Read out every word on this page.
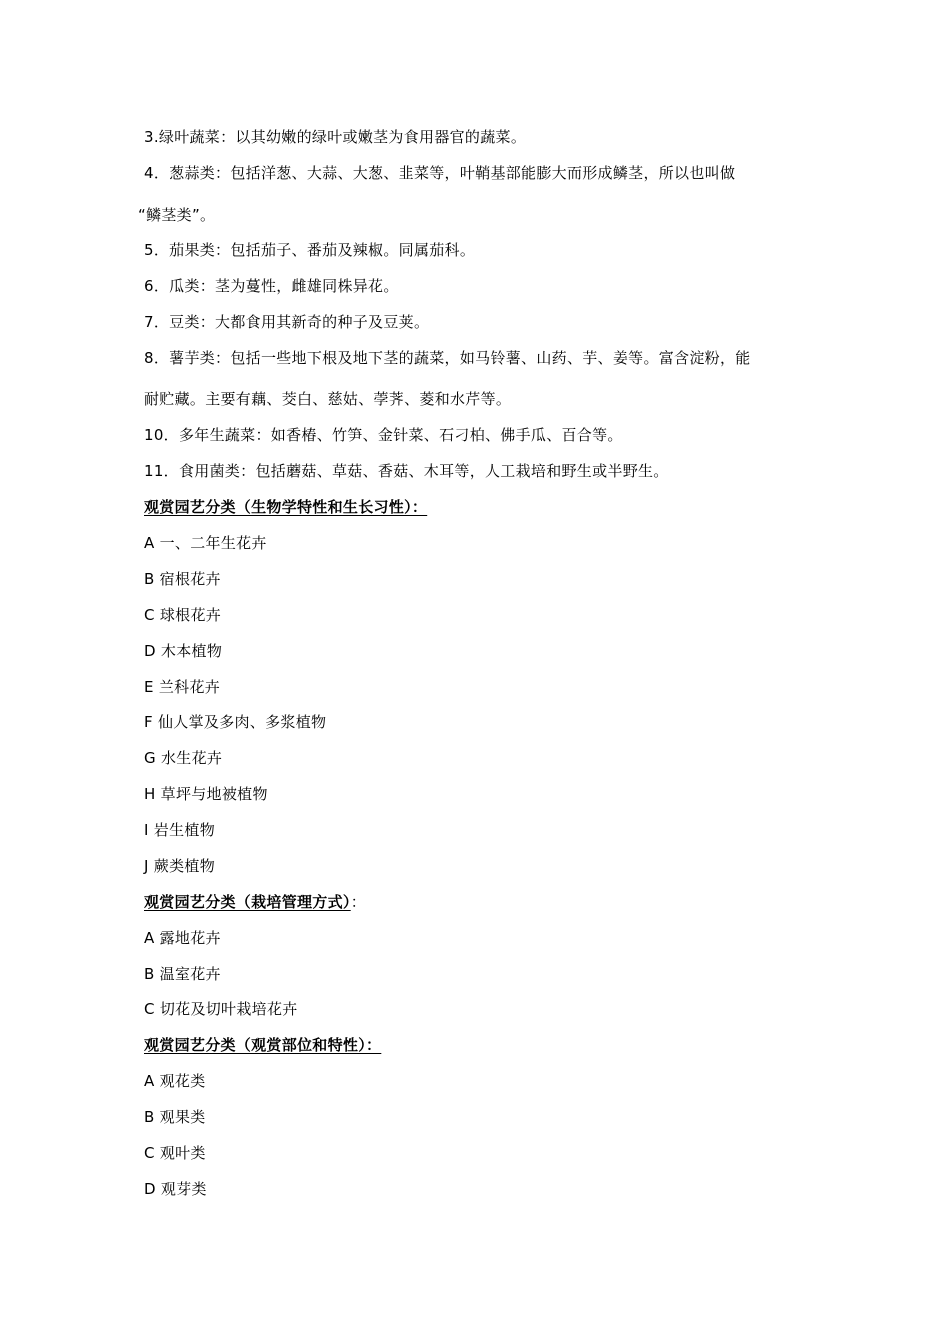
3.绿叶蔬菜：以其幼嫩的绿叶或嫩茎为食用器官的蔬菜。
4．葱蒜类：包括洋葱、大蒜、大葱、韭菜等，叶鞘基部能膨大而形成鳞茎，所以也叫做
“鳞茎类”。
5．茄果类：包括茄子、番茄及辣椒。同属茄科。
6．瓜类：茎为蔓性，雌雄同株异花。
7．豆类：大都食用其新奇的种子及豆荚。
8．薯芋类：包括一些地下根及地下茎的蔬菜，如马铃薯、山药、芋、姜等。富含淀粉，能
耐贮藏。主要有藕、茭白、慈姑、荸荠、菱和水芹等。
10．多年生蔬菜：如香椿、竹笋、金针菜、石刁柏、佛手瓜、百合等。
11．食用菌类：包括蘑菇、草菇、香菇、木耳等，人工栽培和野生或半野生。
观赏园艺分类（生物学特性和生长习性）：
A 一、二年生花卉
B 宿根花卉
C 球根花卉
D 木本植物
E 兰科花卉
F 仙人掌及多肉、多浆植物
G 水生花卉
H 草坪与地被植物
I 岩生植物
J 蕨类植物
观赏园艺分类（栽培管理方式）：
A 露地花卉
B 温室花卉
C 切花及切叶栽培花卉
观赏园艺分类（观赏部位和特性）：
A 观花类
B 观果类
C 观叶类
D 观芽类
